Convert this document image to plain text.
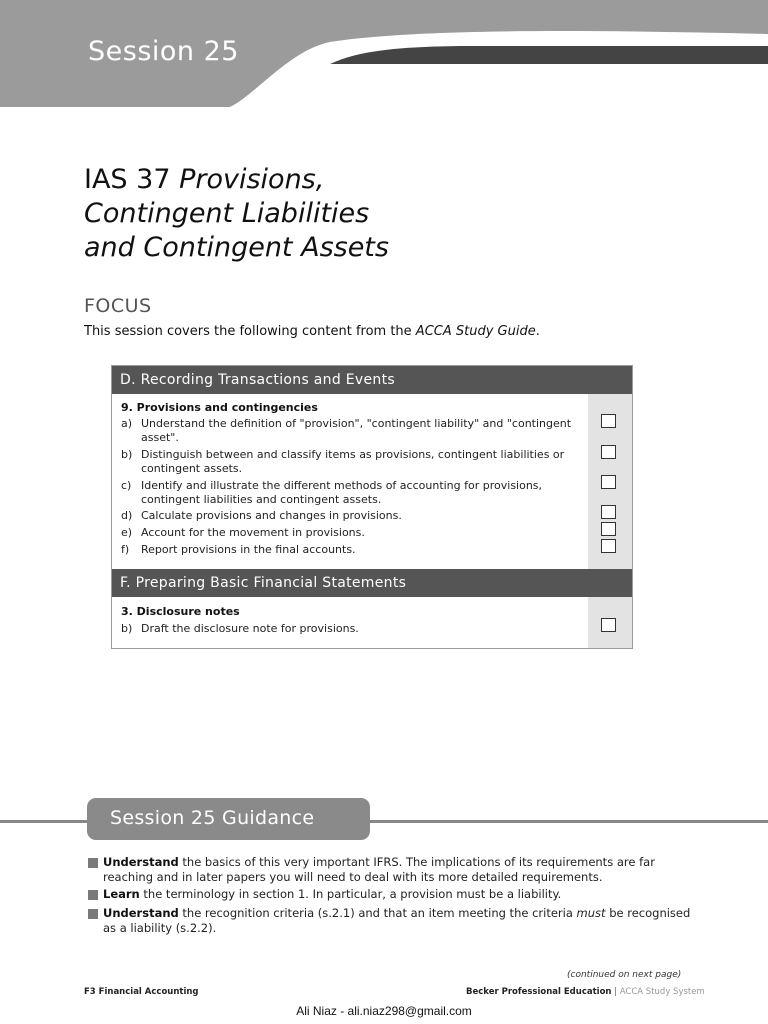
Session 25
IAS 37 Provisions,
Contingent Liabilities
and Contingent Assets
FOCUS
This session covers the following content from the ACCA Study Guide.
D. Recording Transactions and Events
9. Provisions and contingencies
a) Understand the definition of "provision", "contingent liability" and "contingent asset".
b) Distinguish between and classify items as provisions, contingent liabilities or contingent assets.
c) Identify and illustrate the different methods of accounting for provisions, contingent liabilities and contingent assets.
d) Calculate provisions and changes in provisions.
e) Account for the movement in provisions.
f)	Report provisions in the final accounts.
F. Preparing Basic Financial Statements
3. Disclosure notes
b) Draft the disclosure note for provisions.
Session 25 Guidance
Understand the basics of this very important IFRS. The implications of its requirements are far reaching and in later papers you will need to deal with its more detailed requirements.
Learn the terminology in section 1. In particular, a provision must be a liability.
Understand the recognition criteria (s.2.1) and that an item meeting the criteria must be recognised as a liability (s.2.2).
(continued on next page)
F3 Financial Accounting	Becker Professional Education | ACCA Study System
Ali Niaz - ali.niaz298@gmail.com
